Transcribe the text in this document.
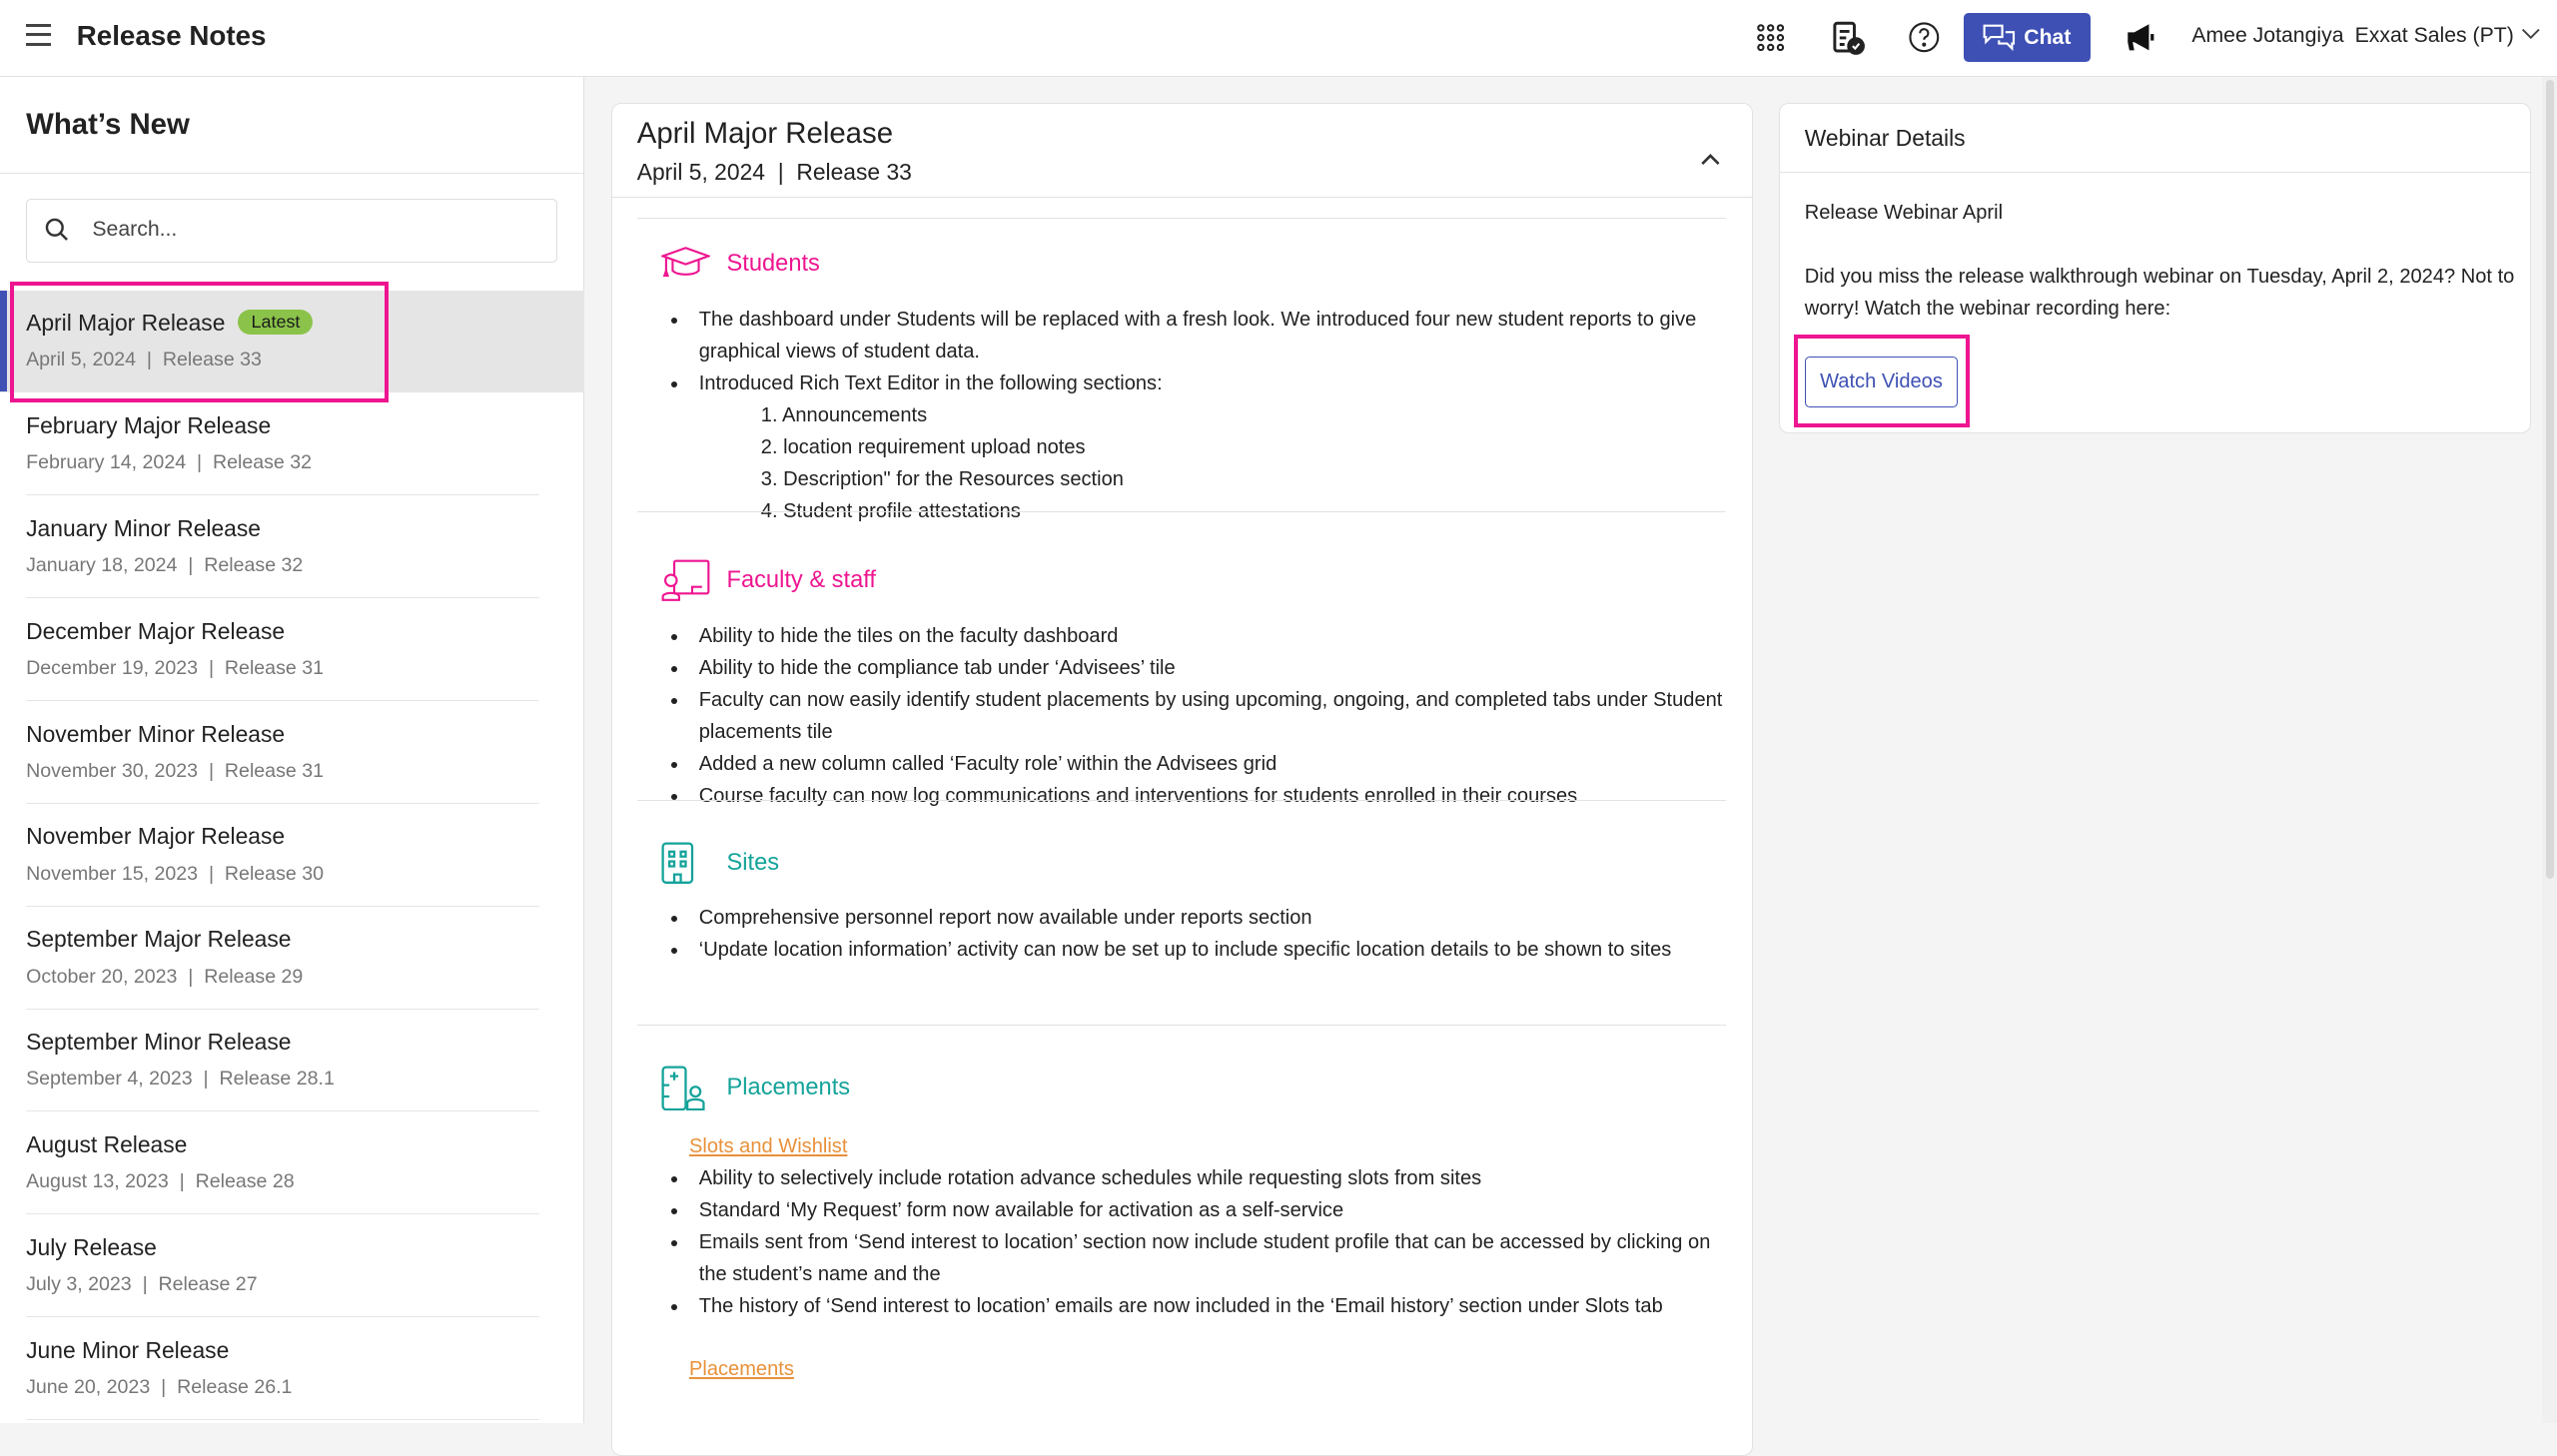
Release Notes	Chat	Amee Jotangiya Exxat Sales (PT)
What’s New
Search...
April Major Release Latest
April 5, 2024  |  Release 33
February Major Release
February 14, 2024  |  Release 32
January Minor Release
January 18, 2024  |  Release 32
December Major Release
December 19, 2023  |  Release 31
November Minor Release
November 30, 2023  |  Release 31
November Major Release
November 15, 2023  |  Release 30
September Major Release
October 20, 2023  |  Release 29
September Minor Release
September 4, 2023  |  Release 28.1
August Release
August 13, 2023  |  Release 28
July Release
July 3, 2023  |  Release 27
June Minor Release
June 20, 2023  |  Release 26.1
April Major Release
April 5, 2024  |  Release 33
Students
• The dashboard under Students will be replaced with a fresh look. We introduced four new student reports to give graphical views of student data.
• Introduced Rich Text Editor in the following sections:
1. Announcements
2. location requirement upload notes
3. Description" for the Resources section
4. Student profile attestations
Faculty & staff
• Ability to hide the tiles on the faculty dashboard
• Ability to hide the compliance tab under ‘Advisees’ tile
• Faculty can now easily identify student placements by using upcoming, ongoing, and completed tabs under Student placements tile
• Added a new column called ‘Faculty role’ within the Advisees grid
• Course faculty can now log communications and interventions for students enrolled in their courses
Sites
• Comprehensive personnel report now available under reports section
• ‘Update location information’ activity can now be set up to include specific location details to be shown to sites
Placements
Slots and Wishlist
• Ability to selectively include rotation advance schedules while requesting slots from sites
• Standard ‘My Request’ form now available for activation as a self-service
• Emails sent from ‘Send interest to location’ section now include student profile that can be accessed by clicking on the student’s name and the
• The history of ‘Send interest to location’ emails are now included in the ‘Email history’ section under Slots tab
Placements
Webinar Details
Release Webinar April
Did you miss the release walkthrough webinar on Tuesday, April 2, 2024? Not to worry! Watch the webinar recording here:
Watch Videos
